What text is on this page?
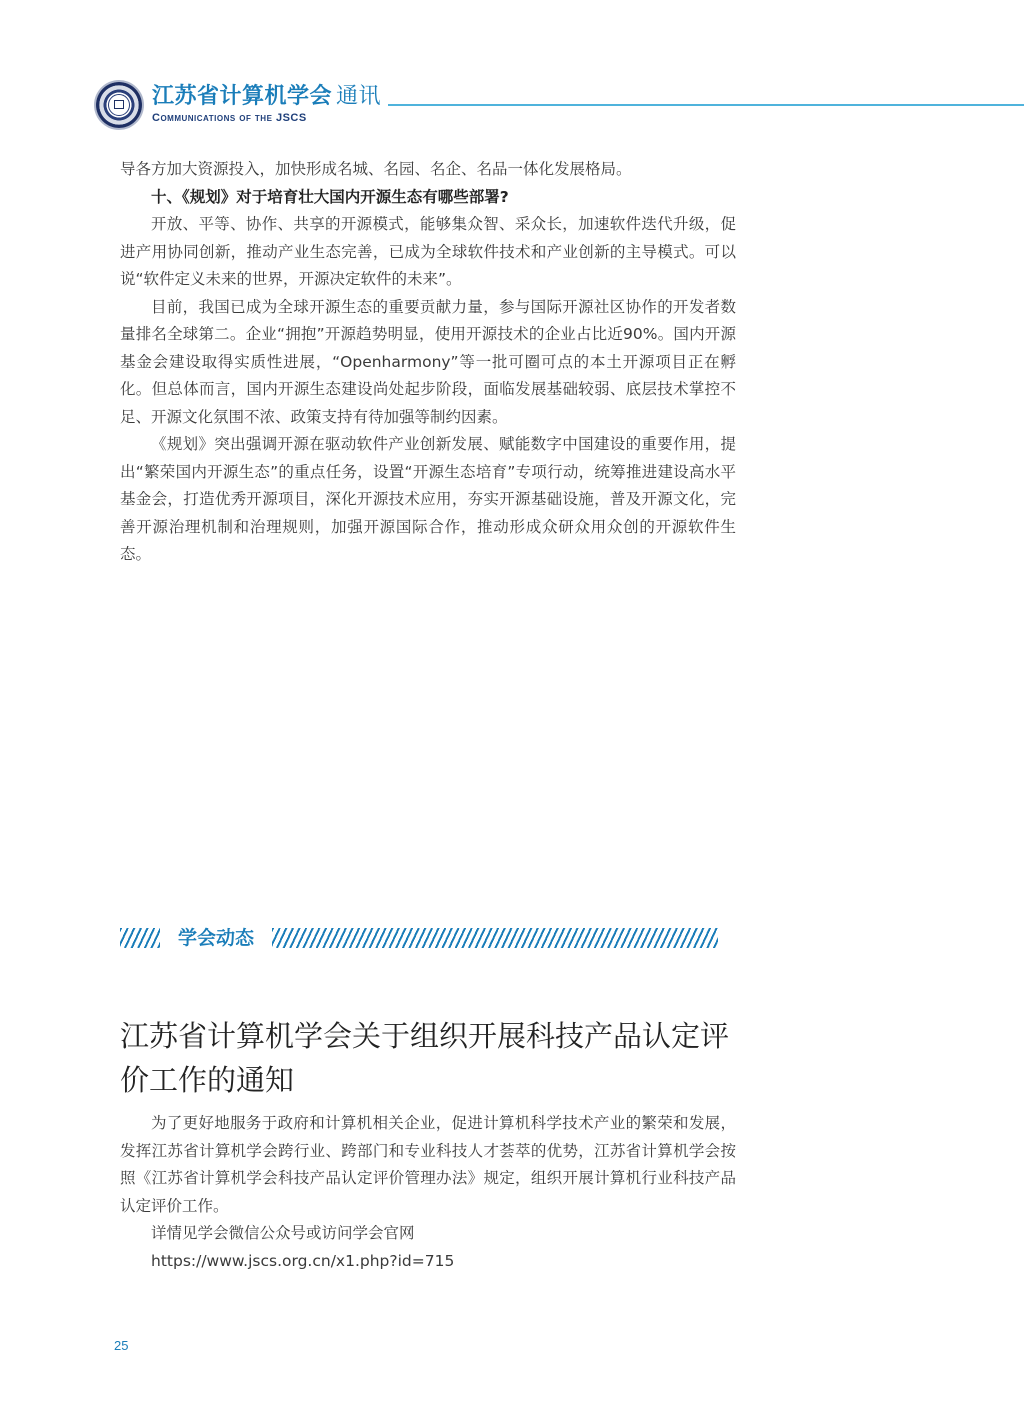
江苏省计算机学会 通讯
Communications of the JSCS

导各方加大资源投入，加快形成名城、名园、名企、名品一体化发展格局。

十、《规划》对于培育壮大国内开源生态有哪些部署?

开放、平等、协作、共享的开源模式，能够集众智、采众长，加速软件迭代升级，促进产用协同创新，推动产业生态完善，已成为全球软件技术和产业创新的主导模式。可以说“软件定义未来的世界，开源决定软件的未来”。

目前，我国已成为全球开源生态的重要贡献力量，参与国际开源社区协作的开发者数量排名全球第二。企业“拥抱”开源趋势明显，使用开源技术的企业占比近90%。国内开源基金会建设取得实质性进展，“Openharmony”等一批可圈可点的本土开源项目正在孵化。但总体而言，国内开源生态建设尚处起步阶段，面临发展基础较弱、底层技术掌控不足、开源文化氛围不浓、政策支持有待加强等制约因素。

《规划》突出强调开源在驱动软件产业创新发展、赋能数字中国建设的重要作用，提出“繁荣国内开源生态”的重点任务，设置“开源生态培育”专项行动，统筹推进建设高水平基金会，打造优秀开源项目，深化开源技术应用，夯实开源基础设施，普及开源文化，完善开源治理机制和治理规则，加强开源国际合作，推动形成众研众用众创的开源软件生态。

学会动态
江苏省计算机学会关于组织开展科技产品认定评价工作的通知

为了更好地服务于政府和计算机相关企业，促进计算机科学技术产业的繁荣和发展，发挥江苏省计算机学会跨行业、跨部门和专业科技人才荟萃的优势，江苏省计算机学会按照《江苏省计算机学会科技产品认定评价管理办法》规定，组织开展计算机行业科技产品认定评价工作。

详情见学会微信公众号或访问学会官网

https://www.jscs.org.cn/x1.php?id=715

25
